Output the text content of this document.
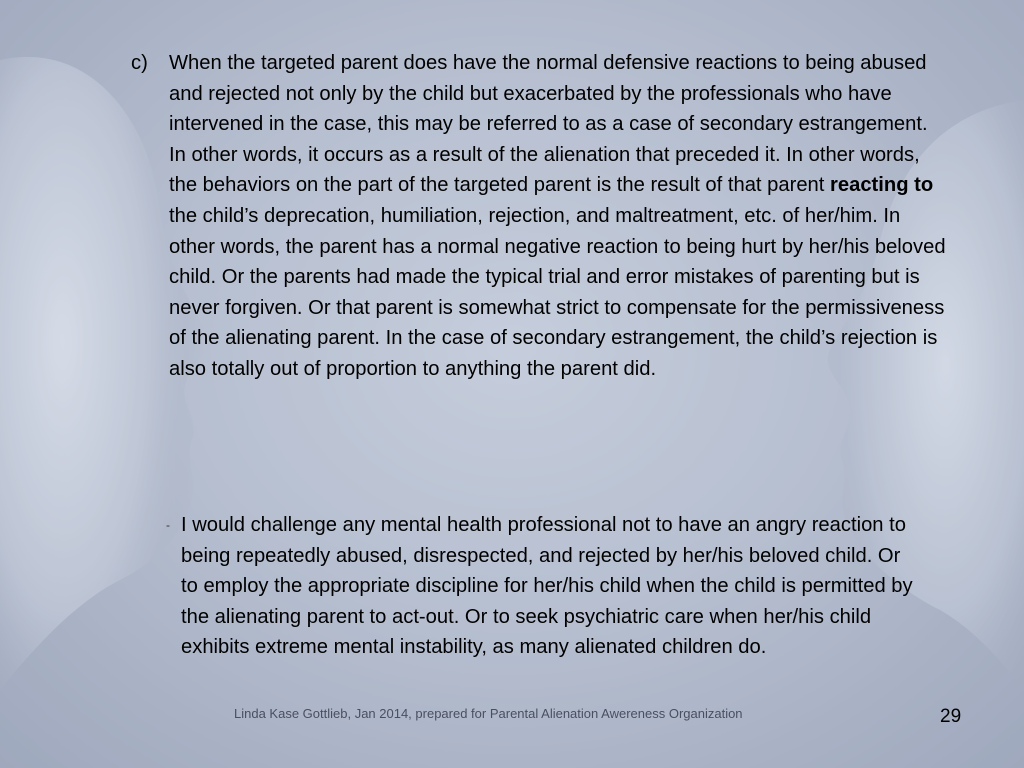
c) When the targeted parent does have the normal defensive reactions to being abused and rejected not only by the child but exacerbated by the professionals who have intervened in the case, this may be referred to as a case of secondary estrangement. In other words, it occurs as a result of the alienation that preceded it. In other words, the behaviors on the part of the targeted parent is the result of that parent reacting to the child’s deprecation, humiliation, rejection, and maltreatment, etc. of her/him. In other words, the parent has a normal negative reaction to being hurt by her/his beloved child. Or the parents had made the typical trial and error mistakes of parenting but is never forgiven. Or that parent is somewhat strict to compensate for the permissiveness of the alienating parent. In the case of secondary estrangement, the child’s rejection is also totally out of proportion to anything the parent did.
- I would challenge any mental health professional not to have an angry reaction to being repeatedly abused, disrespected, and rejected by her/his beloved child. Or to employ the appropriate discipline for her/his child when the child is permitted by the alienating parent to act-out. Or to seek psychiatric care when her/his child exhibits extreme mental instability, as many alienated children do.
Linda Kase Gottlieb, Jan 2014, prepared for Parental Alienation Awereness Organization	29
